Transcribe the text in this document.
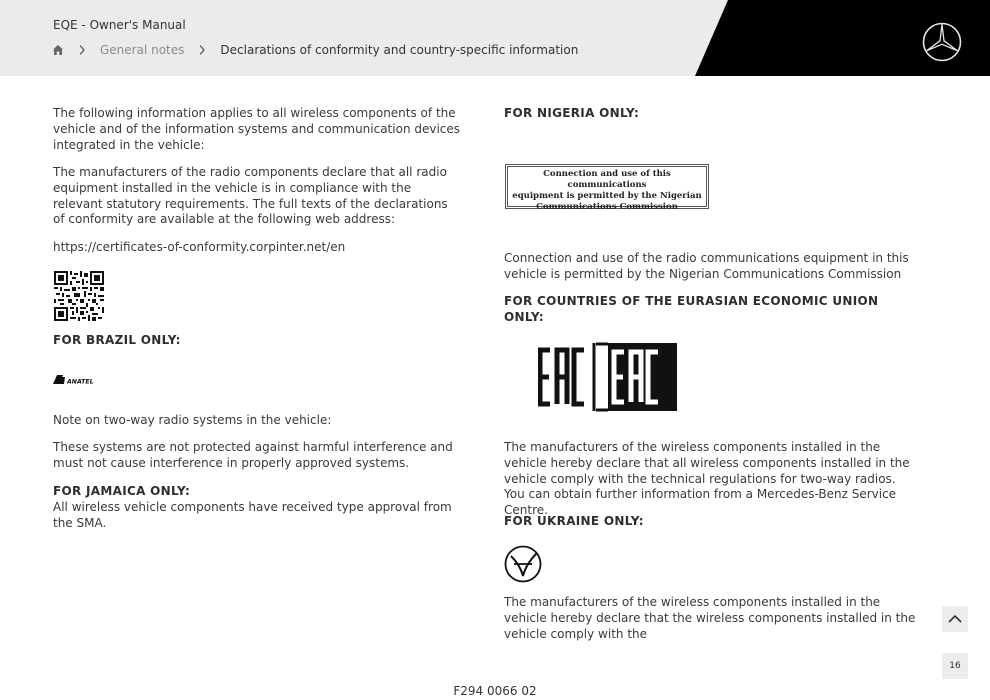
EQE - Owner's Manual
General notes	Declarations of conformity and country-specific information

The following information applies to all wireless components of the vehicle and of the information systems and communication devices integrated in the vehicle:

The manufacturers of the radio components declare that all radio equipment installed in the vehicle is in compliance with the relevant statutory requirements. The full texts of the declarations of conformity are available at the following web address:

https://certificates-of-conformity.corpinter.net/en

FOR BRAZIL ONLY:

ANATEL

Note on two-way radio systems in the vehicle:

These systems are not protected against harmful interference and must not cause interference in properly approved systems.

FOR JAMAICA ONLY:

All wireless vehicle components have received type approval from the SMA.

FOR NIGERIA ONLY:

Connection and use of this communications
equipment is permitted by the Nigerian
Communications Commission

Connection and use of the radio communications equipment in this vehicle is permitted by the Nigerian Communications Commission

FOR COUNTRIES OF THE EURASIAN ECONOMIC UNION ONLY:

The manufacturers of the wireless components installed in the vehicle hereby declare that all wireless components installed in the vehicle comply with the technical regulations for two-way radios. You can obtain further information from a Mercedes-Benz Service Centre.

FOR UKRAINE ONLY:

The manufacturers of the wireless components installed in the vehicle hereby declare that the wireless components installed in the vehicle comply with the

16
F294 0066 02
